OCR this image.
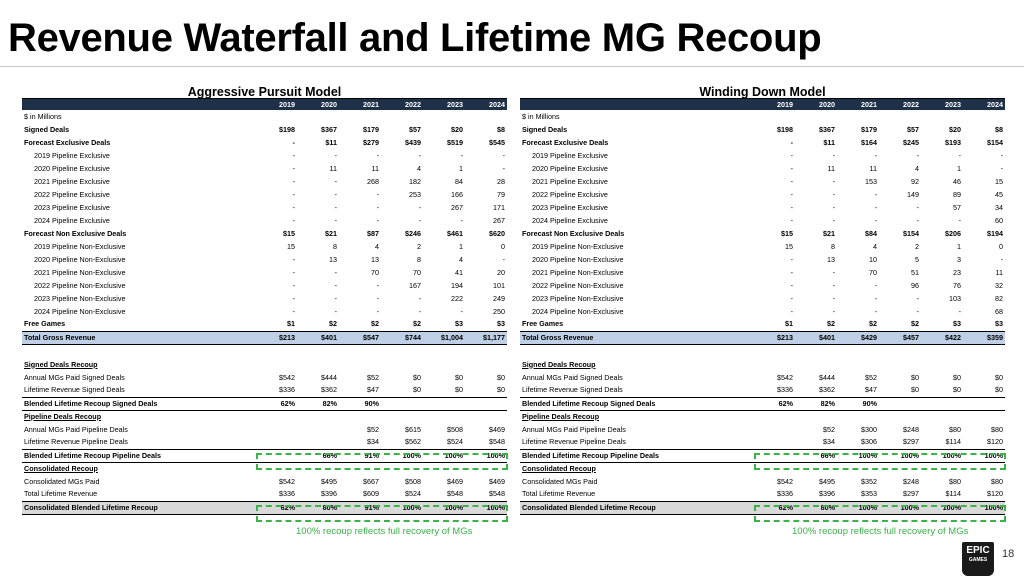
Revenue Waterfall and Lifetime MG Recoup
Aggressive Pursuit Model
	2019	2020	2021	2022	2023	2024
$ in Millions						
Signed Deals	$198	$367	$179	$57	$20	$8
Forecast Exclusive Deals	-	$11	$279	$439	$519	$545
2019 Pipeline Exclusive	-	-	-	-	-	-
2020 Pipeline Exclusive	-	11	11	4	1	-
2021 Pipeline Exclusive	-	-	268	182	84	28
2022 Pipeline Exclusive	-	-	-	253	166	79
2023 Pipeline Exclusive	-	-	-	-	267	171
2024 Pipeline Exclusive	-	-	-	-	-	267
Forecast Non Exclusive Deals	$15	$21	$87	$246	$461	$620
2019 Pipeline Non-Exclusive	15	8	4	2	1	0
2020 Pipeline Non-Exclusive	-	13	13	8	4	-
2021 Pipeline Non-Exclusive	-	-	70	70	41	20
2022 Pipeline Non-Exclusive	-	-	-	167	194	101
2023 Pipeline Non-Exclusive	-	-	-	-	222	249
2024 Pipeline Non-Exclusive	-	-	-	-	-	250
Free Games	$1	$2	$2	$2	$3	$3
Total Gross Revenue	$213	$401	$547	$744	$1,004	$1,177

Signed Deals Recoup						
Annual MGs Paid Signed Deals	$542	$444	$52	$0	$0	$0
Lifetime Revenue Signed Deals	$336	$362	$47	$0	$0	$0
Blended Lifetime Recoup Signed Deals	62%	82%	90%			
Pipeline Deals Recoup						
Annual MGs Paid Pipeline Deals			$52	$615	$508	$469
Lifetime Revenue Pipeline Deals			$34	$562	$524	$548
Blended Lifetime Recoup Pipeline Deals		66%	91%	100%	100%	100%
Consolidated Recoup						
Consolidated MGs Paid	$542	$495	$667	$508	$469	$469
Total Lifetime Revenue	$336	$396	$609	$524	$548	$548
Consolidated Blended Lifetime Recoup	62%	80%	91%	100%	100%	100%
Winding Down Model
	2019	2020	2021	2022	2023	2024
$ in Millions						
Signed Deals	$198	$367	$179	$57	$20	$8
Forecast Exclusive Deals	-	$11	$164	$245	$193	$154
2019 Pipeline Exclusive	-	-	-	-	-	-
2020 Pipeline Exclusive	-	11	11	4	1	-
2021 Pipeline Exclusive	-	-	153	92	46	15
2022 Pipeline Exclusive	-	-	-	149	89	45
2023 Pipeline Exclusive	-	-	-	-	57	34
2024 Pipeline Exclusive	-	-	-	-	-	60
Forecast Non Exclusive Deals	$15	$21	$84	$154	$206	$194
2019 Pipeline Non-Exclusive	15	8	4	2	1	0
2020 Pipeline Non-Exclusive	-	13	10	5	3	-
2021 Pipeline Non-Exclusive	-	-	70	51	23	11
2022 Pipeline Non-Exclusive	-	-	-	96	76	32
2023 Pipeline Non-Exclusive	-	-	-	-	103	82
2024 Pipeline Non-Exclusive	-	-	-	-	-	68
Free Games	$1	$2	$2	$2	$3	$3
Total Gross Revenue	$213	$401	$429	$457	$422	$359

Signed Deals Recoup						
Annual MGs Paid Signed Deals	$542	$444	$52	$0	$0	$0
Lifetime Revenue Signed Deals	$336	$362	$47	$0	$0	$0
Blended Lifetime Recoup Signed Deals	62%	82%	90%			
Pipeline Deals Recoup						
Annual MGs Paid Pipeline Deals		$52	$300	$248	$80	$80
Lifetime Revenue Pipeline Deals		$34	$306	$297	$114	$120
Blended Lifetime Recoup Pipeline Deals		66%	100%	100%	100%	100%
Consolidated Recoup						
Consolidated MGs Paid	$542	$495	$352	$248	$80	$80
Total Lifetime Revenue	$336	$396	$353	$297	$114	$120
Consolidated Blended Lifetime Recoup	62%	80%	100%	100%	100%	100%
100% recoup reflects full recovery of MGs	100% recoup reflects full recovery of MGs
EPIC
GAMES	18
